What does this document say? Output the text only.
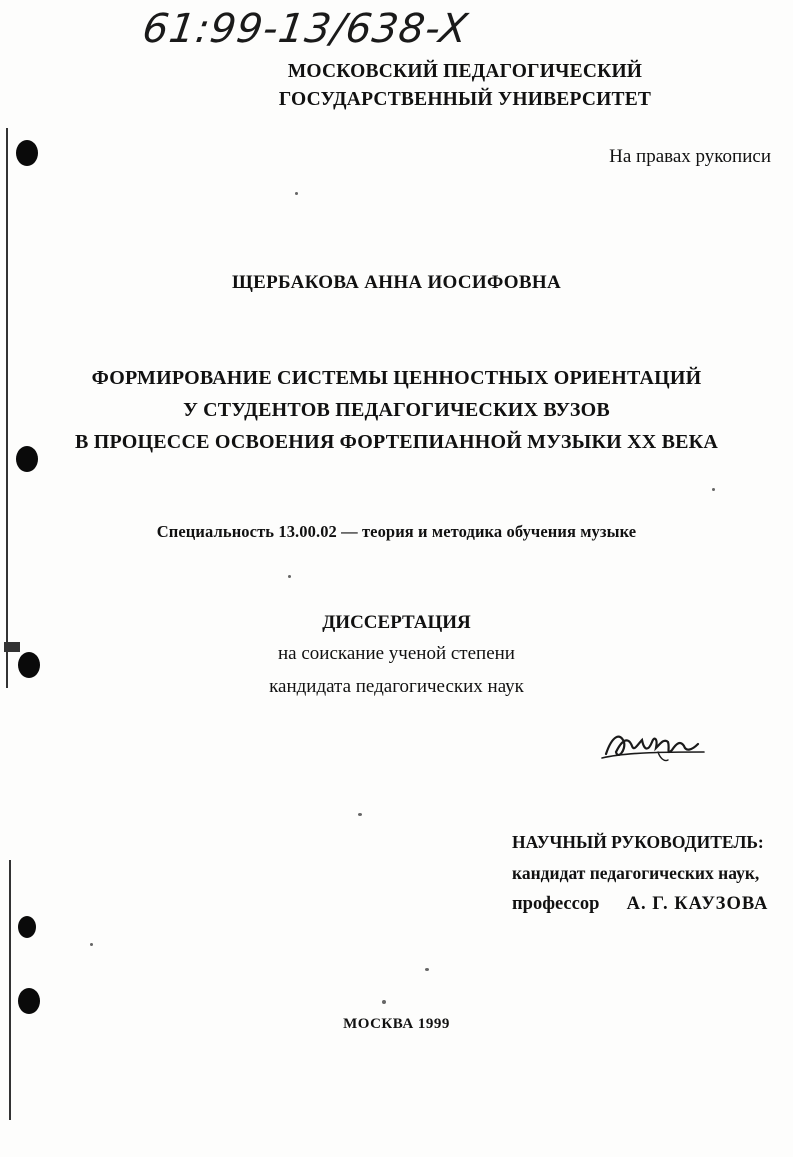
61:99-13/638-X
МОСКОВСКИЙ ПЕДАГОГИЧЕСКИЙ ГОСУДАРСТВЕННЫЙ УНИВЕРСИТЕТ
На правах рукописи
ЩЕРБАКОВА АННА ИОСИФОВНА
ФОРМИРОВАНИЕ СИСТЕМЫ ЦЕННОСТНЫХ ОРИЕНТАЦИЙ
У СТУДЕНТОВ ПЕДАГОГИЧЕСКИХ ВУЗОВ
В ПРОЦЕССЕ ОСВОЕНИЯ ФОРТЕПИАННОЙ МУЗЫКИ XX ВЕКА
Специальность 13.00.02 — теория и методика обучения музыке
ДИССЕРТАЦИЯ
на соискание ученой степени
кандидата педагогических наук
НАУЧНЫЙ РУКОВОДИТЕЛЬ:
кандидат педагогических наук,
профессор А. Г. КАУЗОВА
МОСКВА 1999
